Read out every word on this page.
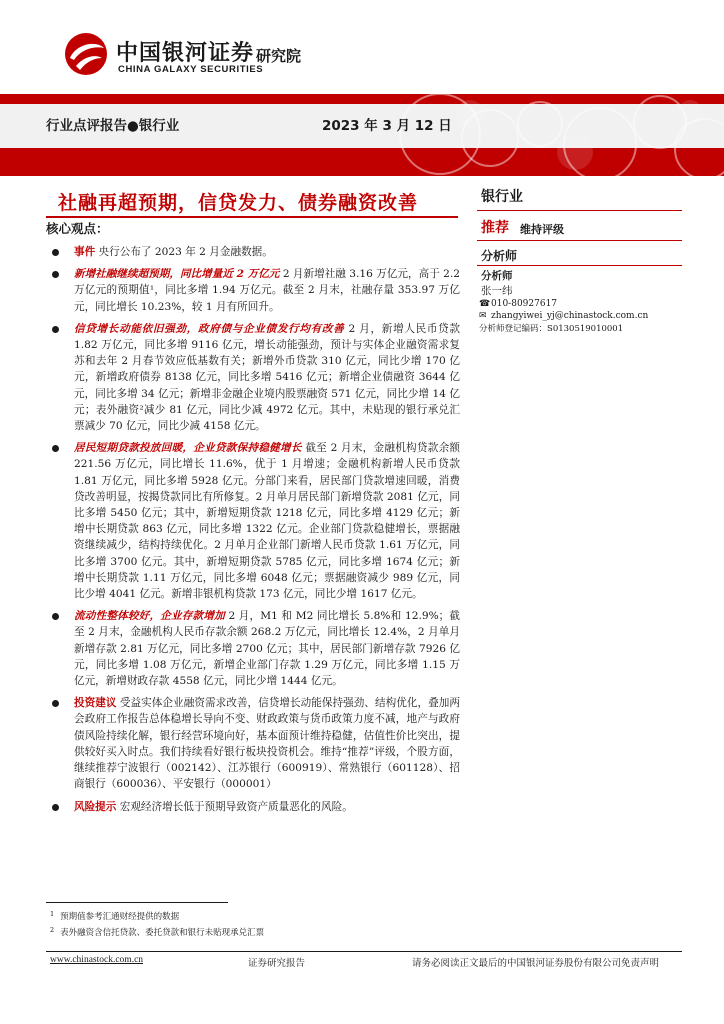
中国银河证券
CHINA GALAXY SECURITIES
研究院
行业点评报告●银行业	2023 年 3 月 12 日
社融再超预期，信贷发力、债券融资改善
核心观点：
事件 央行公布了 2023 年 2 月金融数据。
新增社融继续超预期，同比增量近 2 万亿元 2 月新增社融 3.16 万亿元，高于 2.2 万亿元的预期值¹，同比多增 1.94 万亿元。截至 2 月末，社融存量 353.97 万亿元，同比增长 10.23%，较 1 月有所回升。
信贷增长动能依旧强劲，政府债与企业债发行均有改善 2 月，新增人民币贷款 1.82 万亿元，同比多增 9116 亿元，增长动能强劲，预计与实体企业融资需求复苏和去年 2 月春节效应低基数有关；新增外币贷款 310 亿元，同比少增 170 亿元，新增政府债券 8138 亿元，同比多增 5416 亿元；新增企业债融资 3644 亿元，同比多增 34 亿元；新增非金融企业境内股票融资 571 亿元，同比少增 14 亿元；表外融资²减少 81 亿元，同比少减 4972 亿元。其中，未贴现的银行承兑汇票减少 70 亿元，同比少减 4158 亿元。
居民短期贷款投放回暖，企业贷款保持稳健增长 截至 2 月末，金融机构贷款余额 221.56 万亿元，同比增长 11.6%，优于 1 月增速；金融机构新增人民币贷款 1.81 万亿元，同比多增 5928 亿元。分部门来看，居民部门贷款增速回暖，消费贷改善明显，按揭贷款同比有所修复。2 月单月居民部门新增贷款 2081 亿元，同比多增 5450 亿元；其中，新增短期贷款 1218 亿元，同比多增 4129 亿元；新增中长期贷款 863 亿元，同比多增 1322 亿元。企业部门贷款稳健增长，票据融资继续减少，结构持续优化。2 月单月企业部门新增人民币贷款 1.61 万亿元，同比多增 3700 亿元。其中，新增短期贷款 5785 亿元，同比多增 1674 亿元；新增中长期贷款 1.11 万亿元，同比多增 6048 亿元；票据融资减少 989 亿元，同比少增 4041 亿元。新增非银机构贷款 173 亿元，同比少增 1617 亿元。
流动性整体较好，企业存款增加 2 月，M1 和 M2 同比增长 5.8%和 12.9%；截至 2 月末，金融机构人民币存款余额 268.2 万亿元，同比增长 12.4%，2 月单月新增存款 2.81 万亿元，同比多增 2700 亿元；其中，居民部门新增存款 7926 亿元，同比多增 1.08 万亿元，新增企业部门存款 1.29 万亿元，同比多增 1.15 万亿元，新增财政存款 4558 亿元，同比少增 1444 亿元。
投资建议 受益实体企业融资需求改善，信贷增长动能保持强劲、结构优化，叠加两会政府工作报告总体稳增长导向不变、财政政策与货币政策力度不减，地产与政府债风险持续化解，银行经营环境向好，基本面预计维持稳健，估值性价比突出，提供较好买入时点。我们持续看好银行板块投资机会。维持“推荐”评级，个股方面，继续推荐宁波银行（002142）、江苏银行（600919）、常熟银行（601128）、招商银行（600036）、平安银行（000001）
风险提示 宏观经济增长低于预期导致资产质量恶化的风险。
银行业
推荐 维持评级
分析师
分析师
张一纬
☎010-80927617
✉ zhangyiwei_yj@chinastock.com.cn
分析师登记编码：S0130519010001
$^1$ 预期值参考汇通财经提供的数据
$^2$ 表外融资含信托贷款、委托贷款和银行未贴现承兑汇票
www.chinastock.com.cn	证券研究报告	请务必阅读正文最后的中国银河证券股份有限公司免责声明
